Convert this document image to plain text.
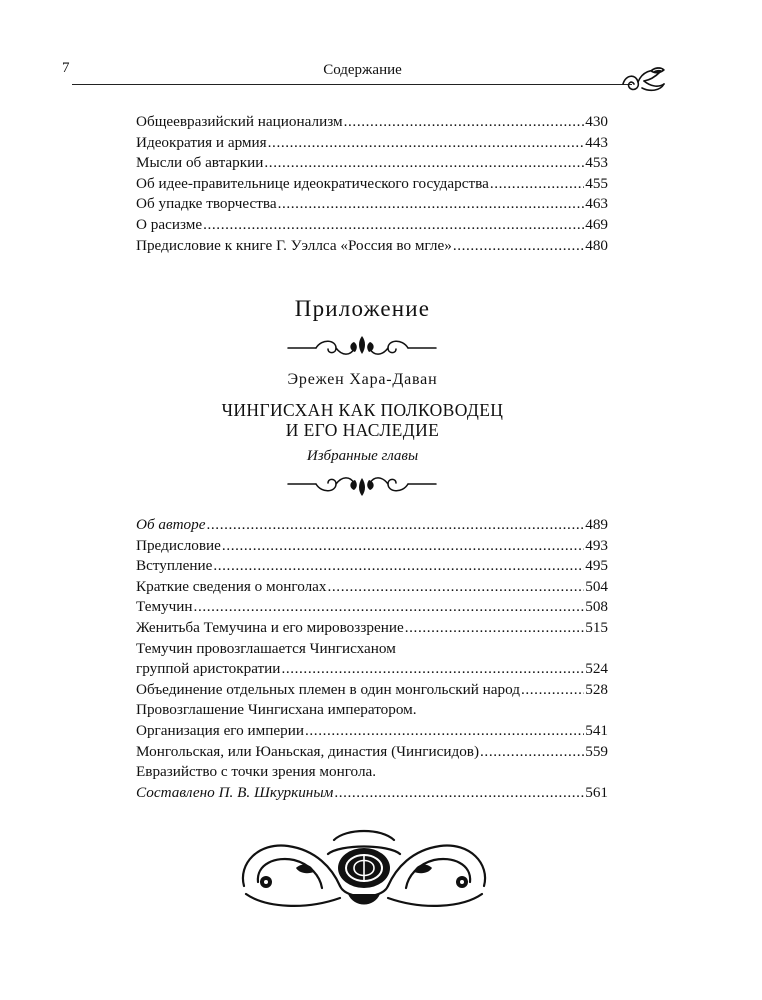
7	Содержание
Общеевразийский национализм .....	430
Идеократия и армия .....	443
Мысли об автаркии .....	453
Об идее-правительнице идеократического государства .....	455
Об упадке творчества .....	463
О расизме .....	469
Предисловие к книге Г. Уэллса «Россия во мгле» .....	480
Приложение
Эрежен Хара-Даван
ЧИНГИСХАН КАК ПОЛКОВОДЕЦ
И ЕГО НАСЛЕДИЕ
Избранные главы
Об авторе .....	489
Предисловие .....	493
Вступление .....	495
Краткие сведения о монголах .....	504
Темучин .....	508
Женитьба Темучина и его мировоззрение .....	515
Темучин провозглашается Чингисханом
группой аристократии .....	524
Объединение отдельных племен в один монгольский народ .....	528
Провозглашение Чингисхана императором.
Организация его империи .....	541
Монгольская, или Юаньская, династия (Чингисидов) .....	559
Евразийство с точки зрения монгола.
Составлено П. В. Шкуркиным .....	561
